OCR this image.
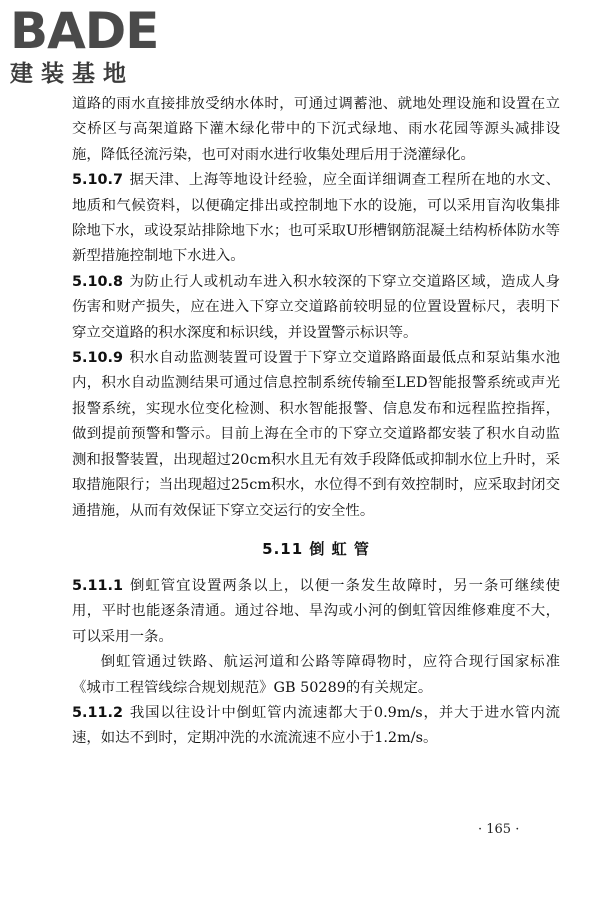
BADE
建装基地

道路的雨水直接排放受纳水体时，可通过调蓄池、就地处理设施和设置在立交桥区与高架道路下灌木绿化带中的下沉式绿地、雨水花园等源头减排设施，降低径流污染，也可对雨水进行收集处理后用于浇灌绿化。

5.10.7 据天津、上海等地设计经验，应全面详细调查工程所在地的水文、地质和气候资料，以便确定排出或控制地下水的设施，可以采用盲沟收集排除地下水，或设泵站排除地下水；也可采取U形槽钢筋混凝土结构桥体防水等新型措施控制地下水进入。

5.10.8 为防止行人或机动车进入积水较深的下穿立交道路区域，造成人身伤害和财产损失，应在进入下穿立交道路前较明显的位置设置标尺，表明下穿立交道路的积水深度和标识线，并设置警示标识等。

5.10.9 积水自动监测装置可设置于下穿立交道路路面最低点和泵站集水池内，积水自动监测结果可通过信息控制系统传输至LED智能报警系统或声光报警系统，实现水位变化检测、积水智能报警、信息发布和远程监控指挥，做到提前预警和警示。目前上海在全市的下穿立交道路都安装了积水自动监测和报警装置，出现超过20cm积水且无有效手段降低或抑制水位上升时，采取措施限行；当出现超过25cm积水，水位得不到有效控制时，应采取封闭交通措施，从而有效保证下穿立交运行的安全性。

5.11 倒 虹 管

5.11.1 倒虹管宜设置两条以上，以便一条发生故障时，另一条可继续使用，平时也能逐条清通。通过谷地、旱沟或小河的倒虹管因维修难度不大，可以采用一条。

倒虹管通过铁路、航运河道和公路等障碍物时，应符合现行国家标准《城市工程管线综合规划规范》GB 50289的有关规定。

5.11.2 我国以往设计中倒虹管内流速都大于0.9m/s，并大于进水管内流速，如达不到时，定期冲洗的水流流速不应小于1.2m/s。

· 165 ·
